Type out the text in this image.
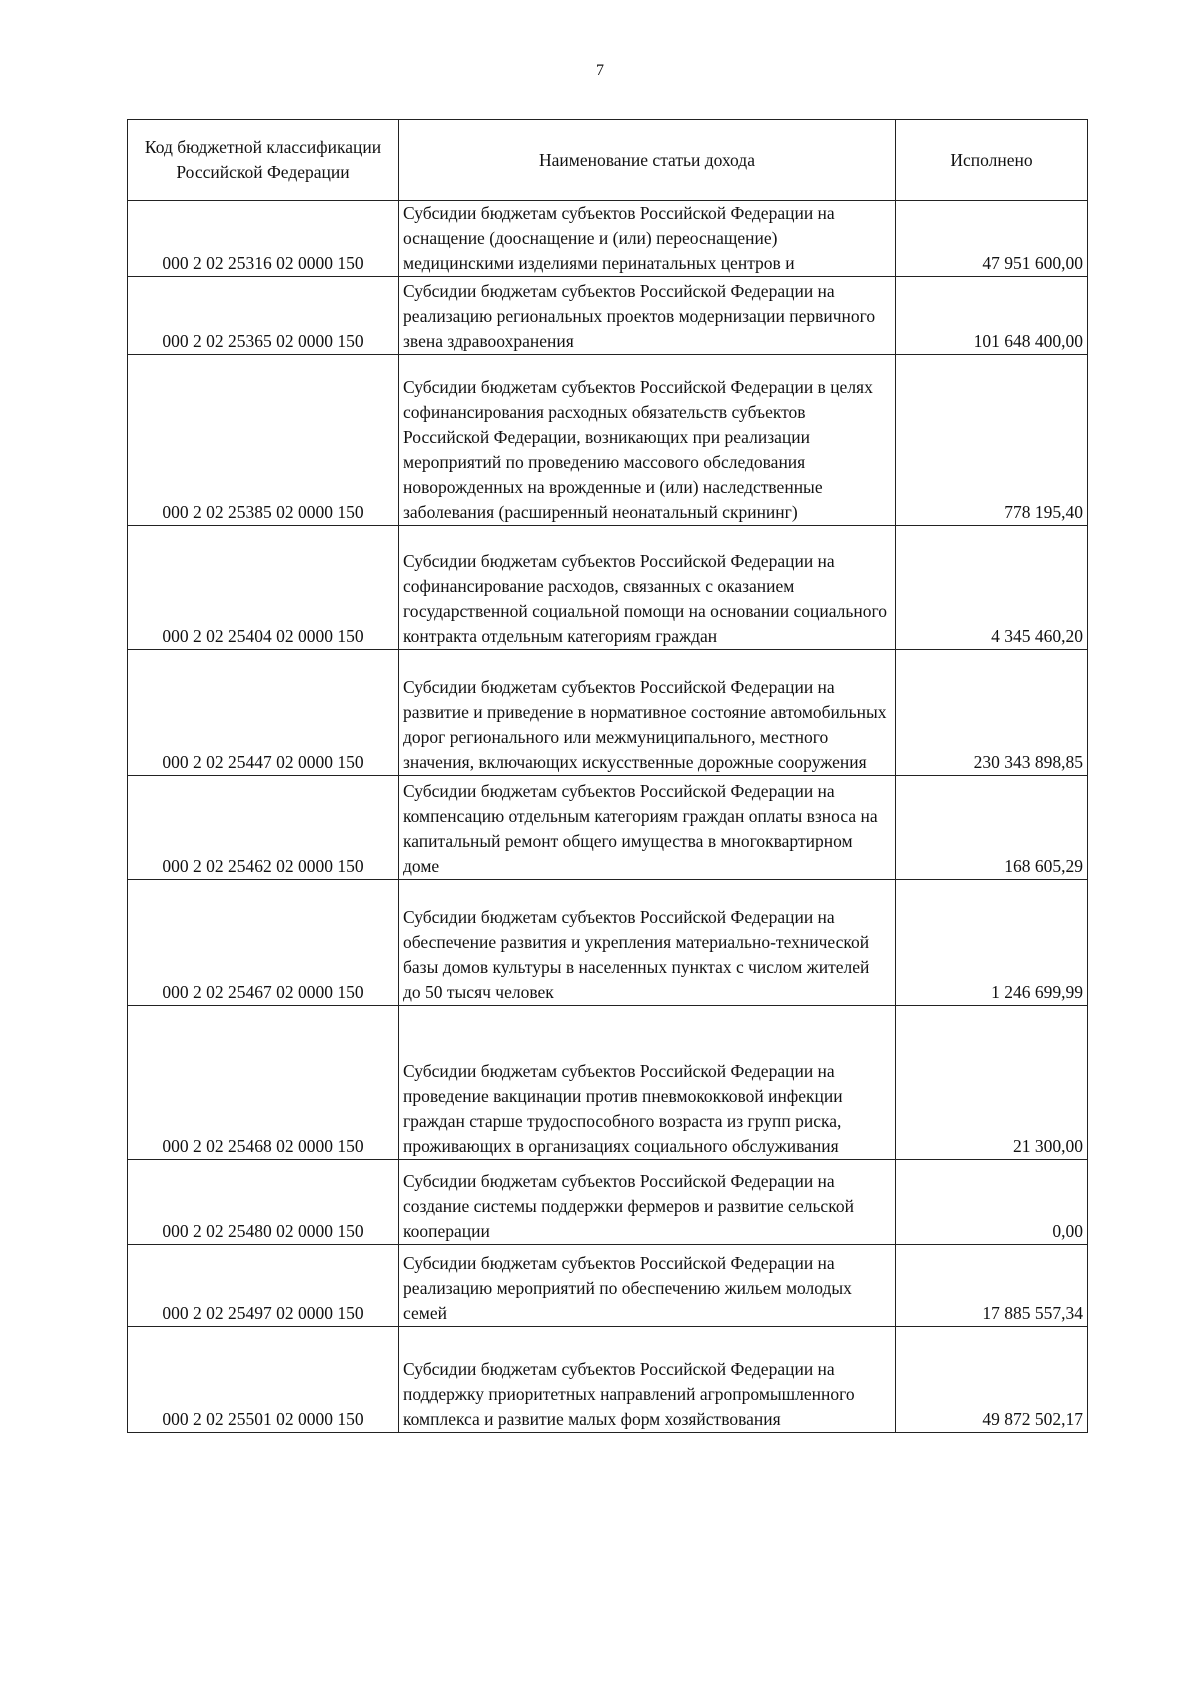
7
Код бюджетной классификации Российской Федерации	Наименование статьи дохода	Исполнено
000 2 02 25316 02 0000 150	Субсидии бюджетам субъектов Российской Федерации на оснащение (дооснащение и (или) переоснащение) медицинскими изделиями перинатальных центров и	47 951 600,00
000 2 02 25365 02 0000 150	Субсидии бюджетам субъектов Российской Федерации на реализацию региональных проектов модернизации первичного звена здравоохранения	101 648 400,00
000 2 02 25385 02 0000 150	Субсидии бюджетам субъектов Российской Федерации в целях софинансирования расходных обязательств субъектов Российской Федерации, возникающих при реализации мероприятий по проведению массового обследования новорожденных на врожденные и (или) наследственные заболевания (расширенный неонатальный скрининг)	778 195,40
000 2 02 25404 02 0000 150	Субсидии бюджетам субъектов Российской Федерации на софинансирование расходов, связанных с оказанием государственной социальной помощи на основании социального контракта отдельным категориям граждан	4 345 460,20
000 2 02 25447 02 0000 150	Субсидии бюджетам субъектов Российской Федерации на развитие и приведение в нормативное состояние автомобильных дорог регионального или межмуниципального, местного значения, включающих искусственные дорожные сооружения	230 343 898,85
000 2 02 25462 02 0000 150	Субсидии бюджетам субъектов Российской Федерации на компенсацию отдельным категориям граждан оплаты взноса на капитальный ремонт общего имущества в многоквартирном доме	168 605,29
000 2 02 25467 02 0000 150	Субсидии бюджетам субъектов Российской Федерации на обеспечение развития и укрепления материально-технической базы домов культуры в населенных пунктах с числом жителей до 50 тысяч человек	1 246 699,99
000 2 02 25468 02 0000 150	Субсидии бюджетам субъектов Российской Федерации на проведение вакцинации против пневмококковой инфекции граждан старше трудоспособного возраста из групп риска, проживающих в организациях социального обслуживания	21 300,00
000 2 02 25480 02 0000 150	Субсидии бюджетам субъектов Российской Федерации на создание системы поддержки фермеров и развитие сельской кооперации	0,00
000 2 02 25497 02 0000 150	Субсидии бюджетам субъектов Российской Федерации на реализацию мероприятий по обеспечению жильем молодых семей	17 885 557,34
000 2 02 25501 02 0000 150	Субсидии бюджетам субъектов Российской Федерации на поддержку приоритетных направлений агропромышленного комплекса и развитие малых форм хозяйствования	49 872 502,17
